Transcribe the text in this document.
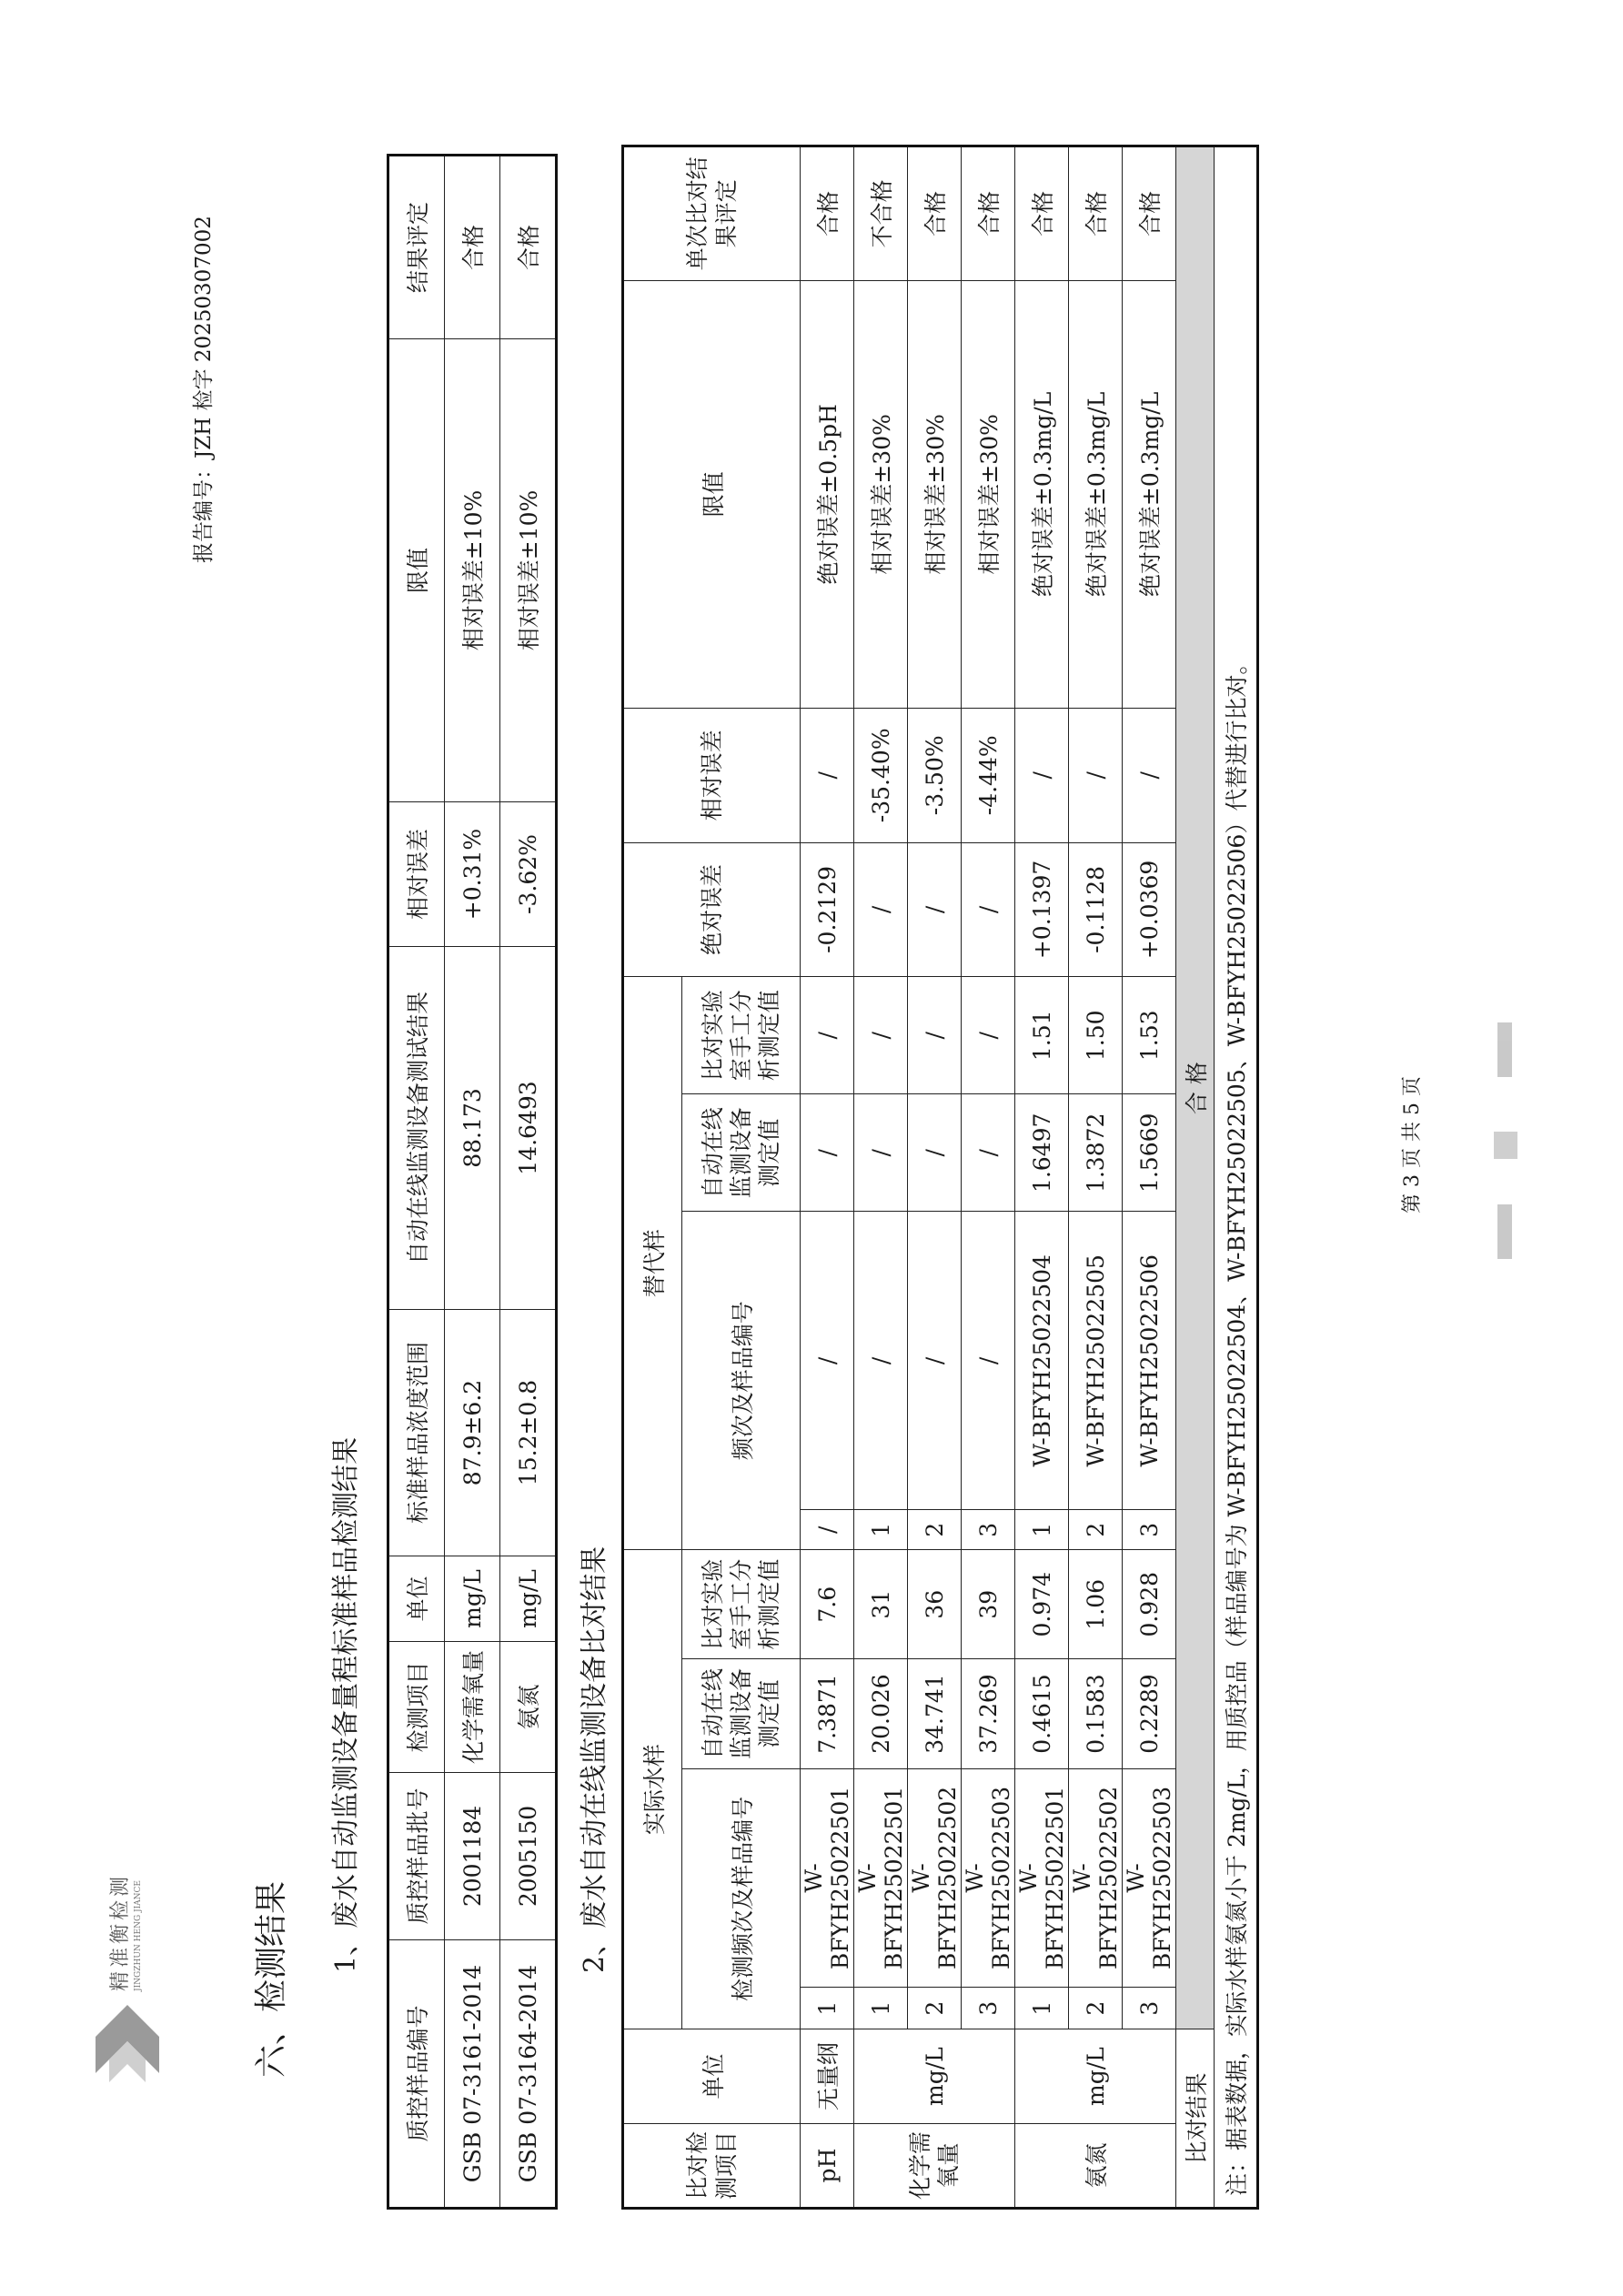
报告编号：JZH 检字 20250307002
精准衡检测 JINGZHUN HENG JIANCE	六、检测结果
1、废水自动监测设备量程标准样品检测结果
质控样品编号	质控样品批号	检测项目	单位	标准样品浓度范围	自动在线监测设备测试结果	相对误差	限值	结果评定
GSB 07-3161-2014	2001184	化学需氧量	mg/L	87.9±6.2	88.173	+0.31%	相对误差±10%	合格
GSB 07-3164-2014	2005150	氨氮	mg/L	15.2±0.8	14.6493	-3.62%	相对误差±10%	合格
2、废水自动在线监测设备比对结果
比对检测项目	单位	实际水样				替代样				绝对误差	相对误差	限值	单次比对结果评定
		检测频次及样品编号		自动在线监测设备测定值	比对实验室手工分析测定值	频次及样品编号		自动在线监测设备测定值	比对实验室手工分析测定值				

pH	无量纲	1	W-BFYH25022501	7.3871	7.6	/	/	/	/	-0.2129	/	绝对误差±0.5pH	合格
化学需氧量	mg/L	1	W-BFYH25022501	20.026	31	1	/	/	/	/	-35.40%	相对误差±30%	不合格
		2	W-BFYH25022502	34.741	36	2	/	/	/	/	-3.50%	相对误差±30%	合格
		3	W-BFYH25022503	37.269	39	3	/	/	/	/	-4.44%	相对误差±30%	合格
氨氮	mg/L	1	W-BFYH25022501	0.4615	0.974	1	W-BFYH25022504	1.6497	1.51	+0.1397	/	绝对误差±0.3mg/L	合格
		2	W-BFYH25022502	0.1583	1.06	2	W-BFYH25022505	1.3872	1.50	-0.1128	/	绝对误差±0.3mg/L	合格
		3	W-BFYH25022503	0.2289	0.928	3	W-BFYH25022506	1.5669	1.53	+0.0369	/	绝对误差±0.3mg/L	合格
比对结果		合 格											
注：据表数据，实际水样氨氮小于 2mg/L，用质控品（样品编号为 W-BFYH25022504、W-BFYH25022505、W-BFYH25022506）代替进行比对。														第 3 页 共 5 页
